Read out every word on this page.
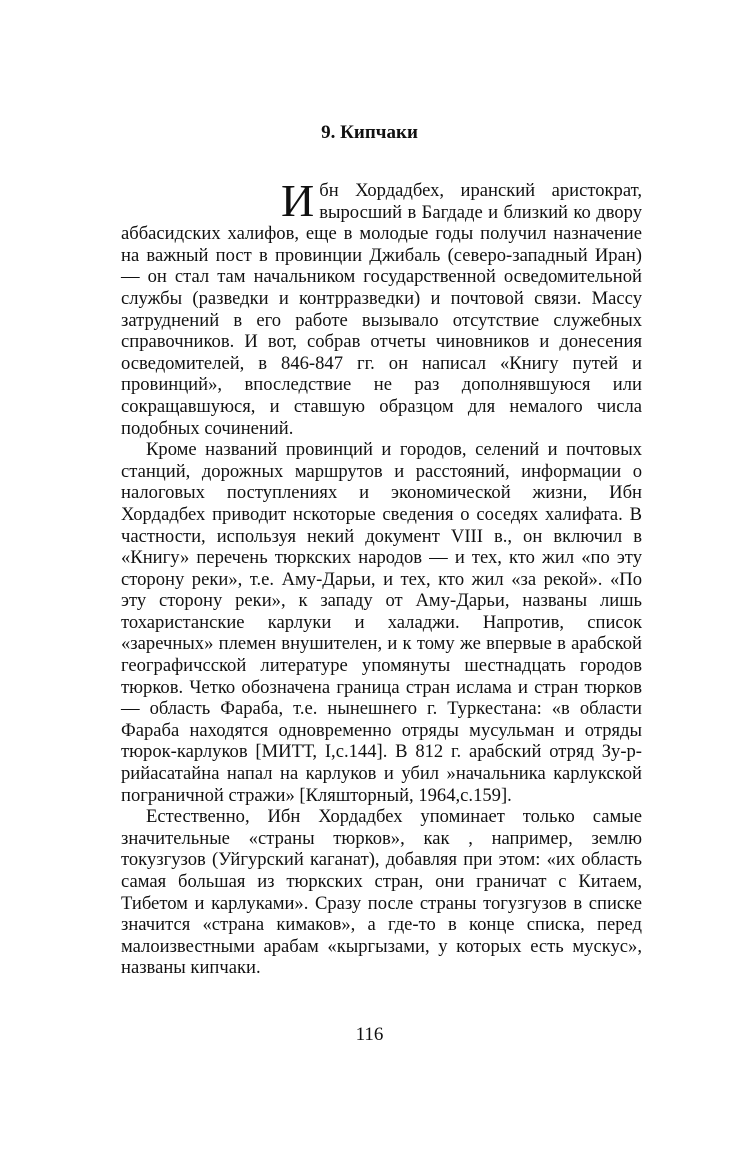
9. Кипчаки

Ибн Хордадбех, иранский аристократ, выросший в Багдаде и близкий ко двору аббасидских халифов, еще в молодые годы получил назначение на важный пост в провинции Джибаль (северо-западный Иран) — он стал там начальником государственной осведомительной службы (разведки и контрразведки) и почтовой связи. Массу затруднений в его работе вызывало отсутствие служебных справочников. И вот, собрав отчеты чиновников и донесения осведомителей, в 846-847 гг. он написал «Книгу путей и провинций», впоследствие не раз дополнявшуюся или сокращавшуюся, и ставшую образцом для немалого числа подобных сочинений.

Кроме названий провинций и городов, селений и почтовых станций, дорожных маршрутов и расстояний, информации о налоговых поступлениях и экономической жизни, Ибн Хордадбех приводит нскоторые сведения о соседях халифата. В частности, используя некий документ VIII в., он включил в «Книгу» перечень тюркских народов — и тех, кто жил «по эту сторону реки», т.е. Аму-Дарьи, и тех, кто жил «за рекой». «По эту сторону реки», к западу от Аму-Дарьи, названы лишь тохаристанские карлуки и халаджи. Напротив, список «заречных» племен внушителен, и к тому же впервые в арабской географичсской литературе упомянуты шестнадцать городов тюрков. Четко обозначена граница стран ислама и стран тюрков — область Фараба, т.е. нынешнего г. Туркестана: «в области Фараба находятся одновременно отряды мусульман и отряды тюрок-карлуков [МИТТ, I,с.144]. В 812 г. арабский отряд Зу-р-рийасатайна напал на карлуков и убил »начальника карлукской пограничной стражи» [Кляшторный, 1964,с.159].

Естественно, Ибн Хордадбех упоминает только самые значительные «страны тюрков», как , например, землю токузгузов (Уйгурский каганат), добавляя при этом: «их область самая большая из тюркских стран, они граничат с Китаем, Тибетом и карлуками». Сразу после страны тогузгузов в списке значится «страна кимаков», а где-то в конце списка, перед малоизвестными арабам «кыргызами, у которых есть мускус», названы кипчаки.

116
